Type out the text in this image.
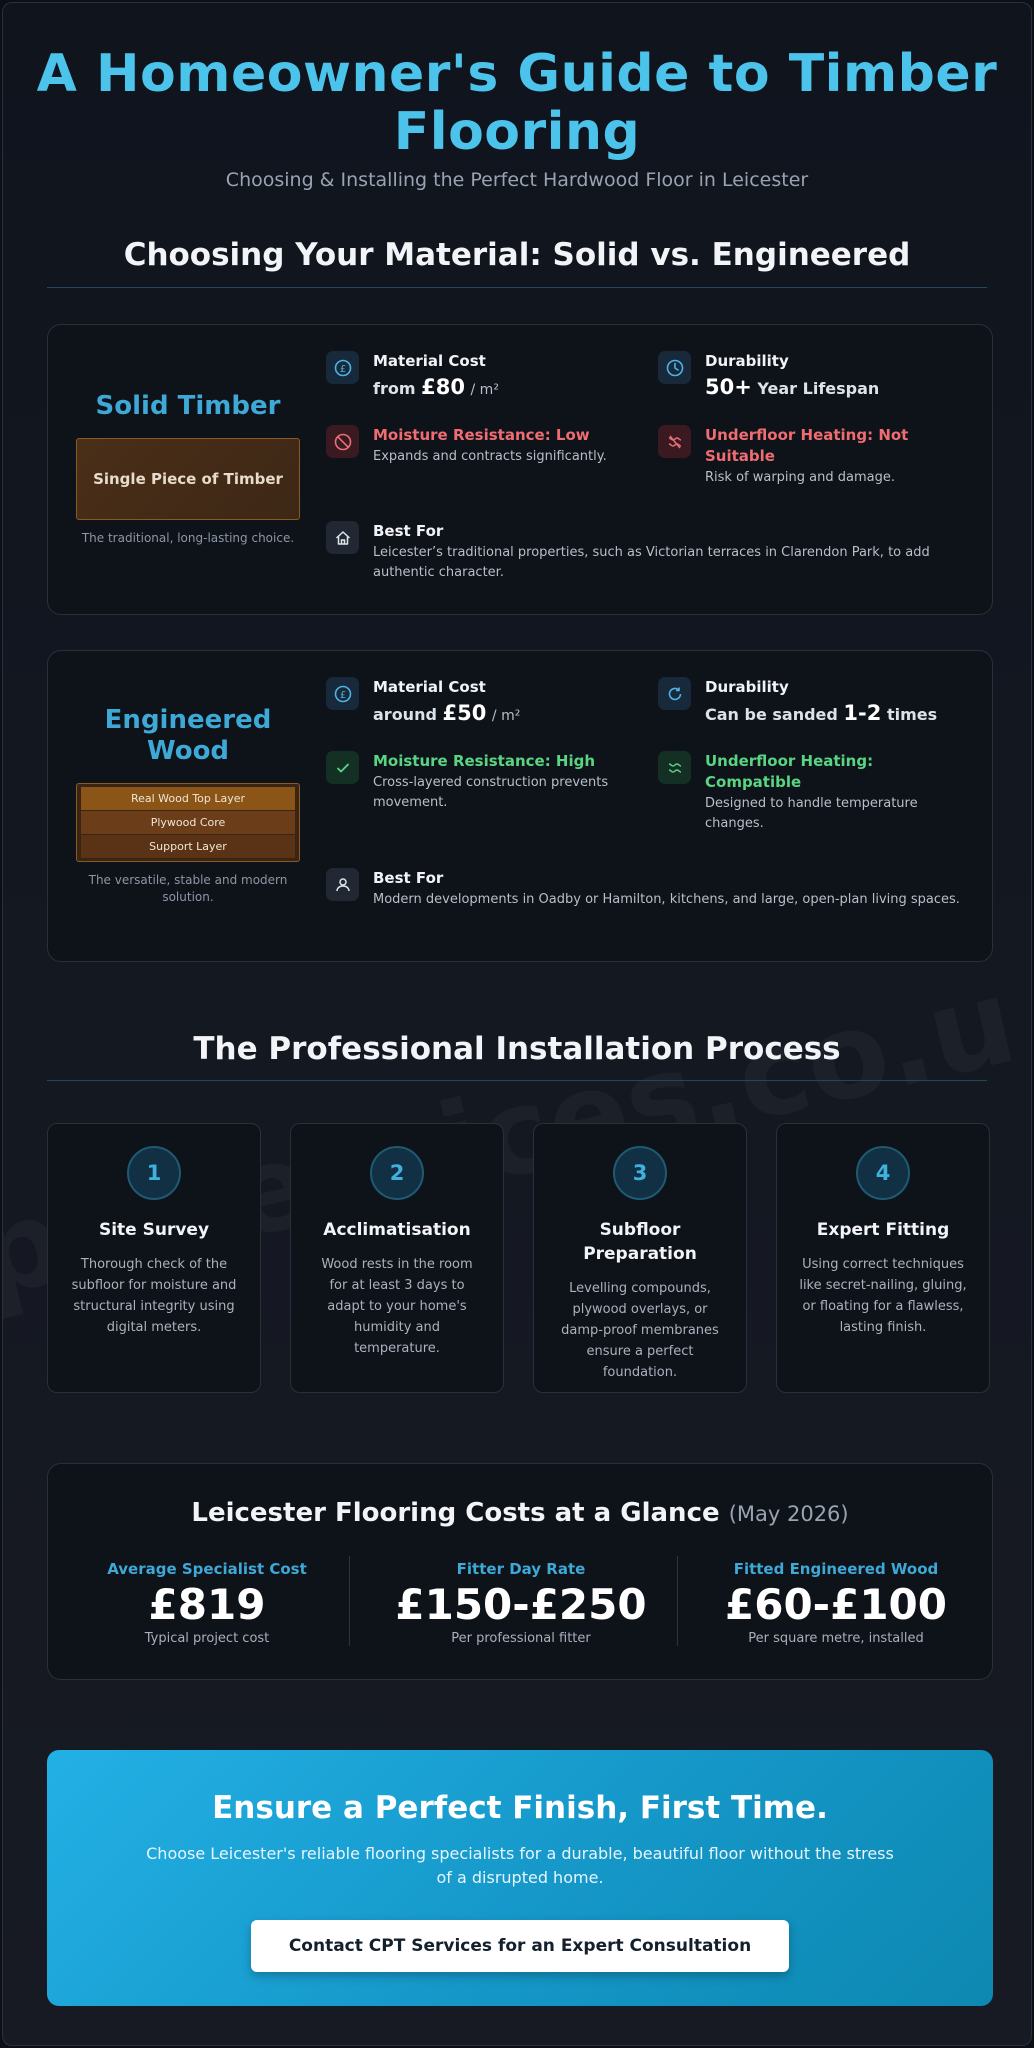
A Homeowner's Guide to Timber Flooring
Choosing & Installing the Perfect Hardwood Floor in Leicester
Choosing Your Material: Solid vs. Engineered
Solid Timber
Single Piece of Timber
The traditional, long-lasting choice.
£ Material Cost
from £80 / m²
Durability
50+ Year Lifespan
Moisture Resistance: Low
Expands and contracts significantly.
Underfloor Heating: Not Suitable
Risk of warping and damage.
Best For
Leicester’s traditional properties, such as Victorian terraces in Clarendon Park, to add authentic character.
Engineered Wood
Real Wood Top Layer
Plywood Core
Support Layer
The versatile, stable and modern solution.
£ Material Cost
around £50 / m²
Durability
Can be sanded 1-2 times
Moisture Resistance: High
Cross-layered construction prevents movement.
Underfloor Heating: Compatible
Designed to handle temperature changes.
Best For
Modern developments in Oadby or Hamilton, kitchens, and large, open-plan living spaces.
The Professional Installation Process
1
Site Survey
Thorough check of the subfloor for moisture and structural integrity using digital meters.
2
Acclimatisation
Wood rests in the room for at least 3 days to adapt to your home's humidity and temperature.
3
Subfloor Preparation
Levelling compounds, plywood overlays, or damp-proof membranes ensure a perfect foundation.
4
Expert Fitting
Using correct techniques like secret-nailing, gluing, or floating for a flawless, lasting finish.
Leicester Flooring Costs at a Glance (May 2026)
Average Specialist Cost
£819
Typical project cost
Fitter Day Rate
£150-£250
Per professional fitter
Fitted Engineered Wood
£60-£100
Per square metre, installed
Ensure a Perfect Finish, First Time.
Choose Leicester's reliable flooring specialists for a durable, beautiful floor without the stress of a disrupted home.
Contact CPT Services for an Expert Consultation
